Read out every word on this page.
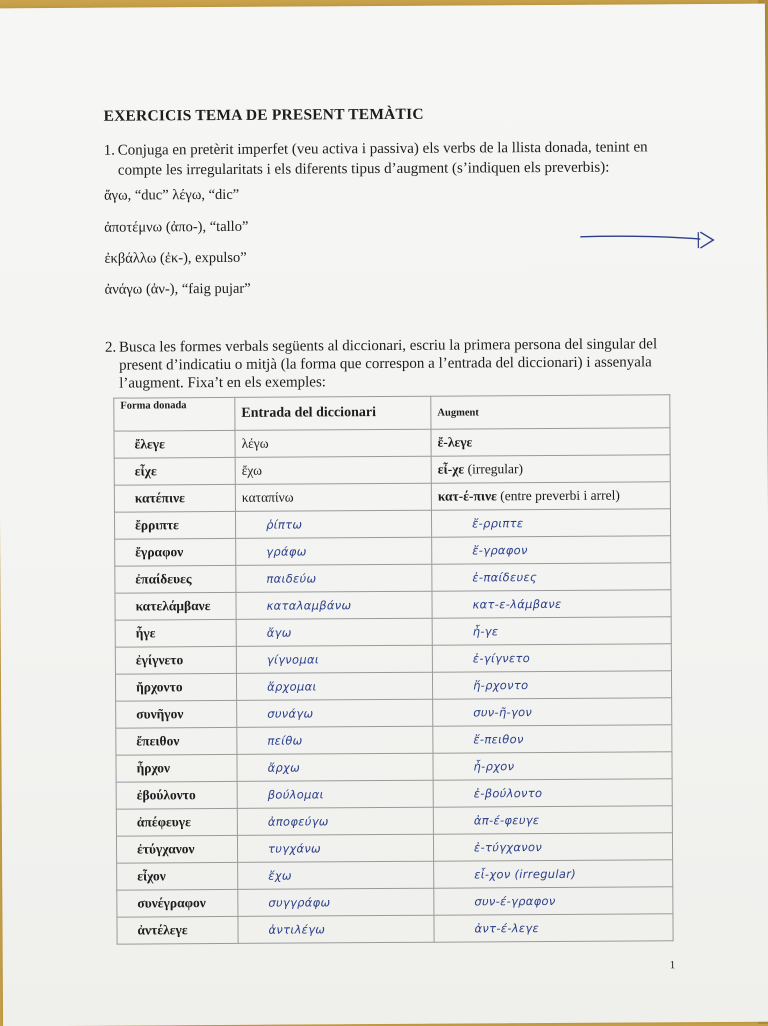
EXERCICIS TEMA DE PRESENT TEMÀTIC
1. Conjuga en pretèrit imperfet (veu activa i passiva) els verbs de la llista donada, tenint en compte les irregularitats i els diferents tipus d’augment (s’indiquen els preverbis):
ἄγω, “duc” λέγω, “dic”
ἀποτέμνω (ἀπο-), “tallo”
ἐκβάλλω (ἐκ-), expulso”
ἀνάγω (ἀν-), “faig pujar”
2. Busca les formes verbals següents al diccionari, escriu la primera persona del singular del present d’indicatiu o mitjà (la forma que correspon a l’entrada del diccionari) i assenyala l’augment. Fixa’t en els exemples:
Forma donada	Entrada del diccionari	Augment
ἔλεγε	λέγω	ἔ-λεγε
εἶχε	ἔχω	εἶ-χε (irregular)
κατέπινε	καταπίνω	κατ-έ-πινε (entre preverbi i arrel)
ἔρριπτε	ῥίπτω	ἔ-ρριπτε
ἔγραφον	γράφω	ἔ-γραφον
ἐπαίδευες	παιδεύω	ἐ-παίδευες
κατελάμβανε	καταλαμβάνω	κατ-ε-λάμβανε
ἦγε	ἄγω	ἦ-γε
ἐγίγνετο	γίγνομαι	ἐ-γίγνετο
ἤρχοντο	ἄρχομαι	ἤ-ρχοντο
συνῆγον	συνάγω	συν-ῆ-γον
ἔπειθον	πείθω	ἔ-πειθον
ἦρχον	ἄρχω	ἦ-ρχον
ἐβούλοντο	βούλομαι	ἐ-βούλοντο
ἀπέφευγε	ἀποφεύγω	ἀπ-έ-φευγε
ἐτύγχανον	τυγχάνω	ἐ-τύγχανον
εἶχον	ἔχω	εἶ-χον (irregular)
συνέγραφον	συγγράφω	συν-έ-γραφον
ἀντέλεγε	ἀντιλέγω	ἀντ-έ-λεγε
1
